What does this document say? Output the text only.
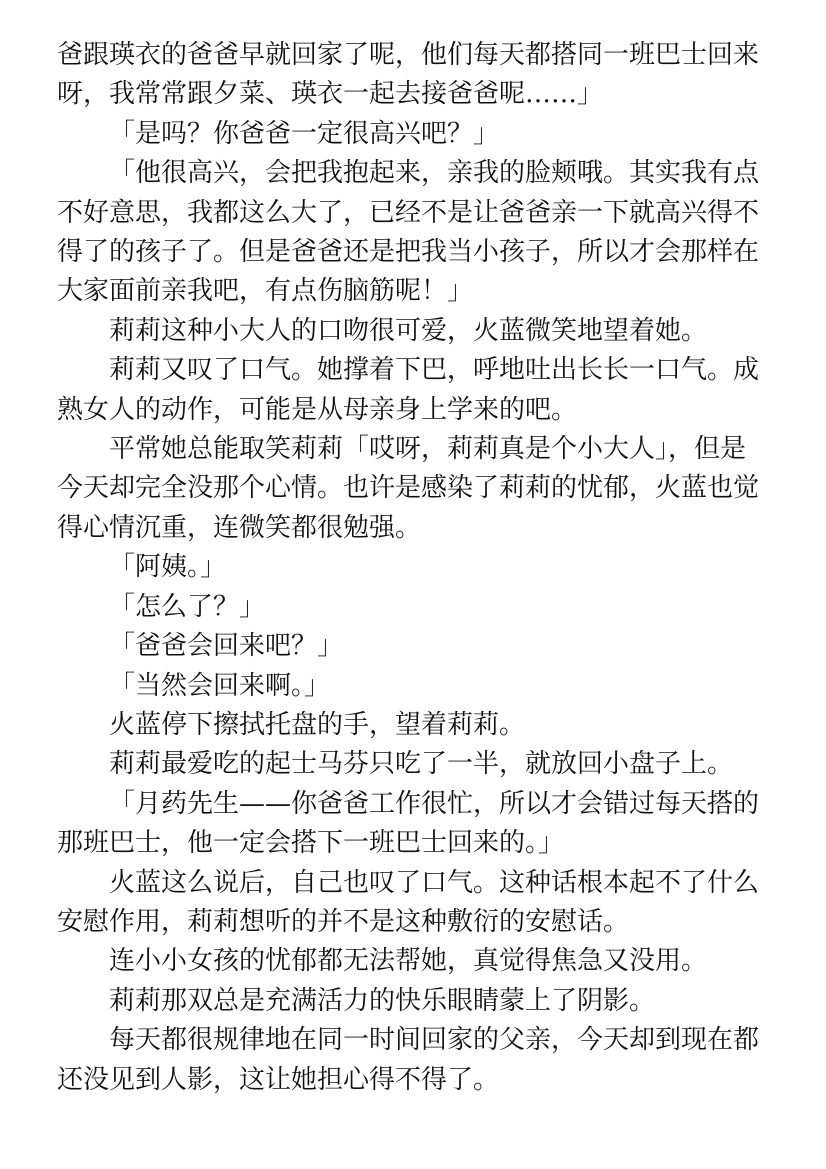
爸跟瑛衣的爸爸早就回家了呢，他们每天都搭同一班巴士回来呀，我常常跟夕菜、瑛衣一起去接爸爸呢……」

「是吗？你爸爸一定很高兴吧？」

「他很高兴，会把我抱起来，亲我的脸颊哦。其实我有点不好意思，我都这么大了，已经不是让爸爸亲一下就高兴得不得了的孩子了。但是爸爸还是把我当小孩子，所以才会那样在大家面前亲我吧，有点伤脑筋呢！」

莉莉这种小大人的口吻很可爱，火蓝微笑地望着她。

莉莉又叹了口气。她撑着下巴，呼地吐出长长一口气。成熟女人的动作，可能是从母亲身上学来的吧。

平常她总能取笑莉莉「哎呀，莉莉真是个小大人」，但是今天却完全没那个心情。也许是感染了莉莉的忧郁，火蓝也觉得心情沉重，连微笑都很勉强。

「阿姨。」

「怎么了？」

「爸爸会回来吧？」

「当然会回来啊。」

火蓝停下擦拭托盘的手，望着莉莉。

莉莉最爱吃的起士马芬只吃了一半，就放回小盘子上。

「月药先生——你爸爸工作很忙，所以才会错过每天搭的那班巴士，他一定会搭下一班巴士回来的。」

火蓝这么说后，自己也叹了口气。这种话根本起不了什么安慰作用，莉莉想听的并不是这种敷衍的安慰话。

连小小女孩的忧郁都无法帮她，真觉得焦急又没用。

莉莉那双总是充满活力的快乐眼睛蒙上了阴影。

每天都很规律地在同一时间回家的父亲，今天却到现在都还没见到人影，这让她担心得不得了。
